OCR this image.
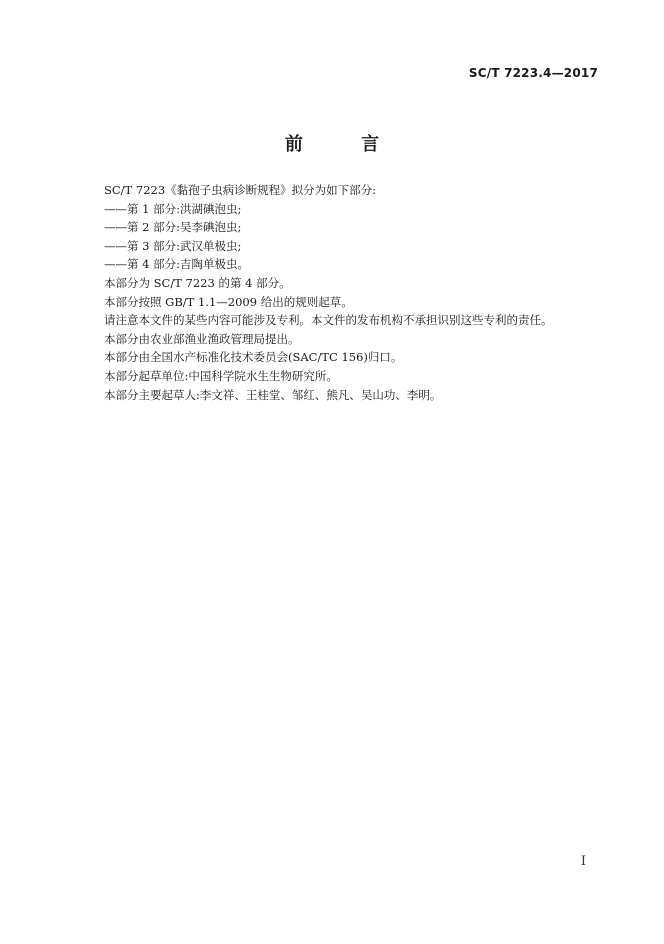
SC/T 7223.4—2017
前 言
SC/T 7223《黏孢子虫病诊断规程》拟分为如下部分:
——第 1 部分:洪湖碘泡虫;
——第 2 部分:吴李碘泡虫;
——第 3 部分:武汉单极虫;
——第 4 部分:吉陶单极虫。
本部分为 SC/T 7223 的第 4 部分。
本部分按照 GB/T 1.1—2009 给出的规则起草。
请注意本文件的某些内容可能涉及专利。本文件的发布机构不承担识别这些专利的责任。
本部分由农业部渔业渔政管理局提出。
本部分由全国水产标准化技术委员会(SAC/TC 156)归口。
本部分起草单位:中国科学院水生生物研究所。
本部分主要起草人:李文祥、王桂堂、邹红、熊凡、吴山功、李明。
I
